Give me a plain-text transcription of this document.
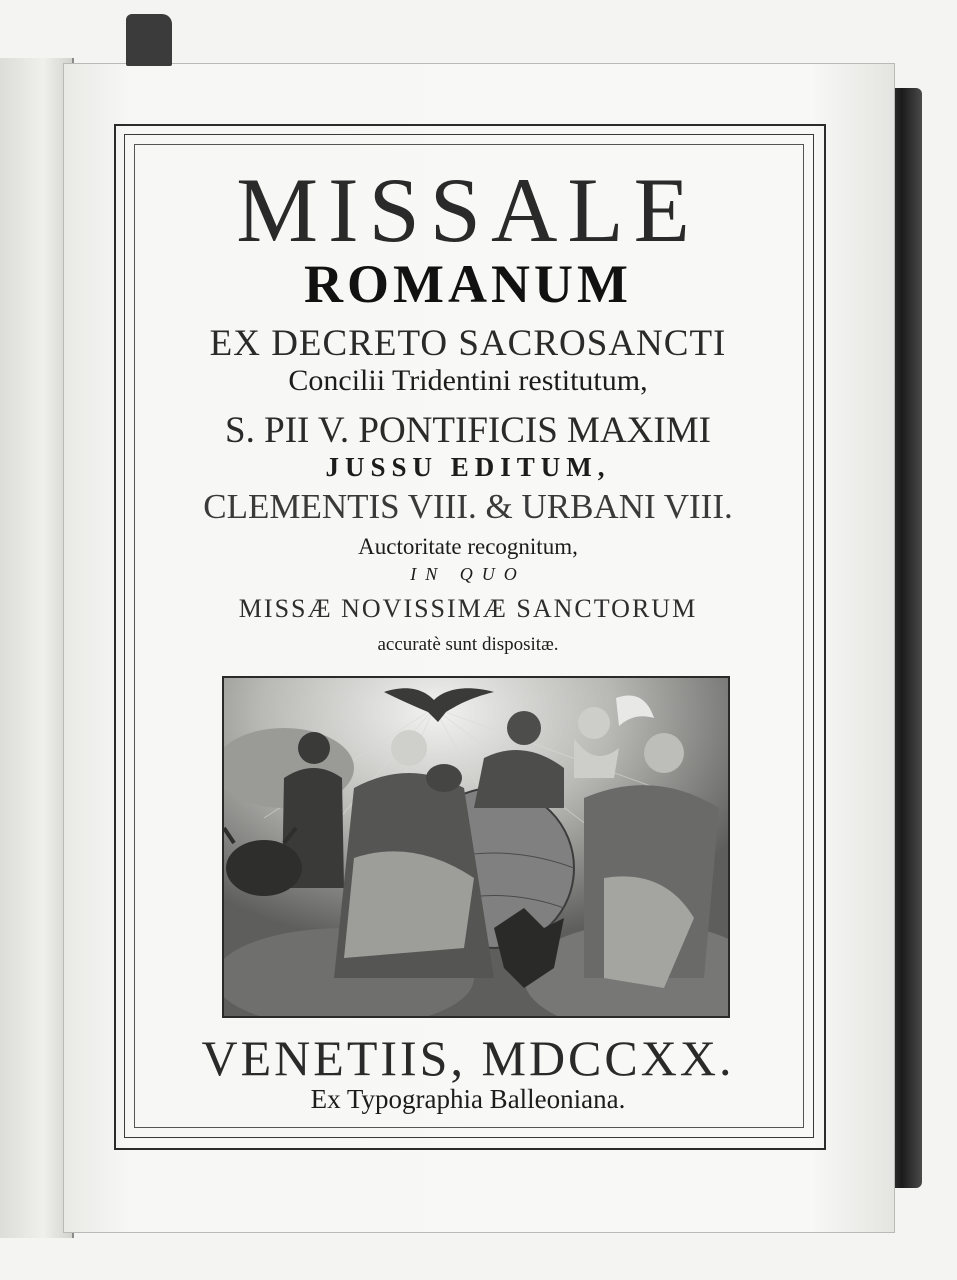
MISSALE
ROMANUM
EX DECRETO SACROSANCTI
Concilii Tridentini restitutum,
S. PII V. PONTIFICIS MAXIMI
JUSSU EDITUM,
CLEMENTIS VIII. & URBANI VIII.
Auctoritate recognitum,
IN QUO
MISSÆ NOVISSIMÆ SANCTORUM
accuratè sunt dispositæ.
VENETIIS, MDCCXX.
Ex Typographia Balleoniana.
